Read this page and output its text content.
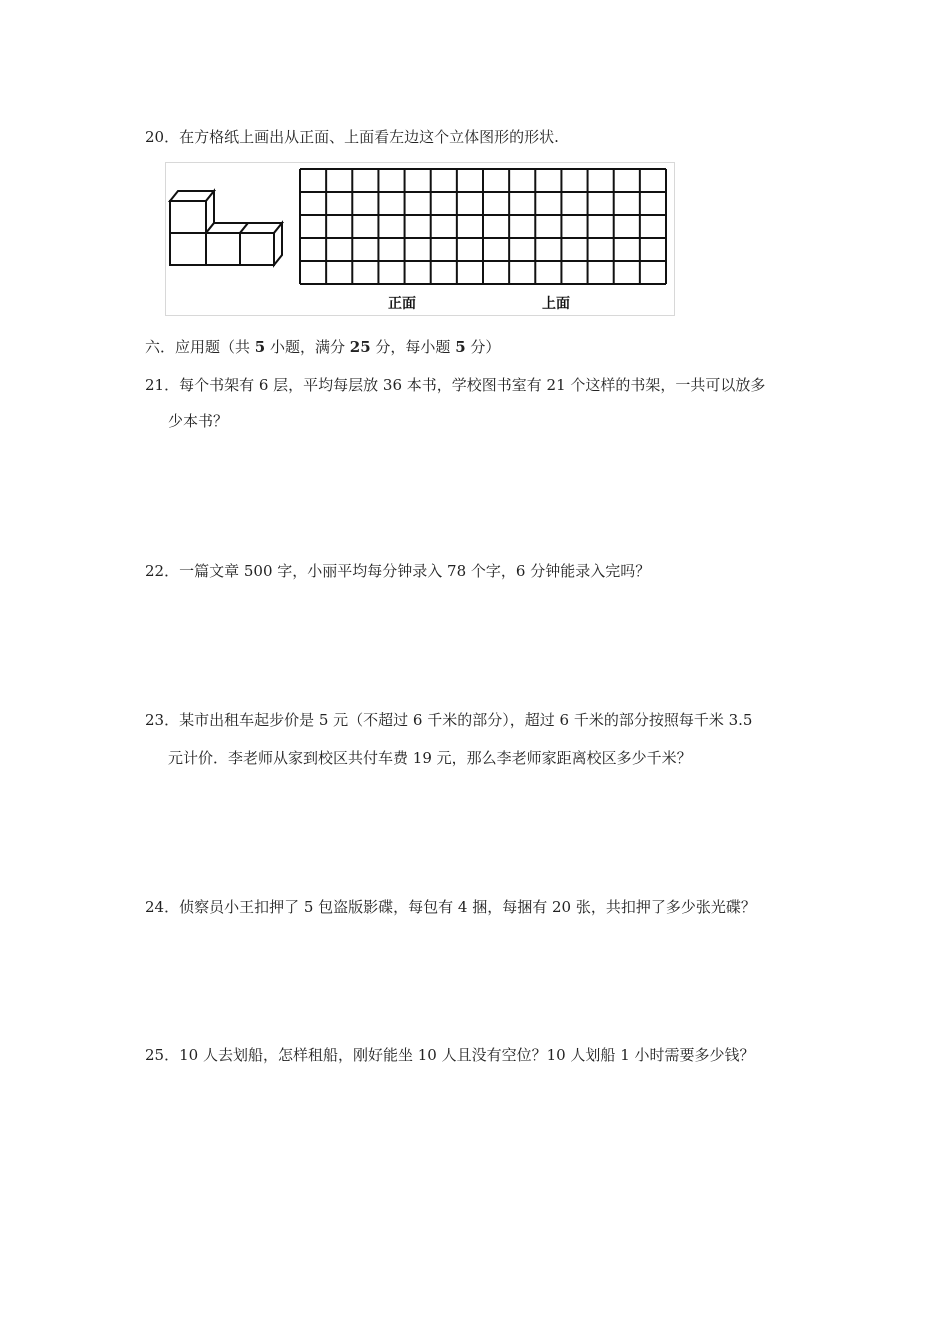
20．在方格纸上画出从正面、上面看左边这个立体图形的形状.
正面	上面
六．应用题（共 5 小题，满分 25 分，每小题 5 分）
21．每个书架有 6 层，平均每层放 36 本书，学校图书室有 21 个这样的书架，一共可以放多
少本书？
22．一篇文章 500 字，小丽平均每分钟录入 78 个字，6 分钟能录入完吗？
23．某市出租车起步价是 5 元（不超过 6 千米的部分），超过 6 千米的部分按照每千米 3.5
元计价．李老师从家到校区共付车费 19 元，那么李老师家距离校区多少千米？
24．侦察员小王扣押了 5 包盗版影碟，每包有 4 捆，每捆有 20 张，共扣押了多少张光碟？
25．10 人去划船，怎样租船，刚好能坐 10 人且没有空位？10 人划船 1 小时需要多少钱？
